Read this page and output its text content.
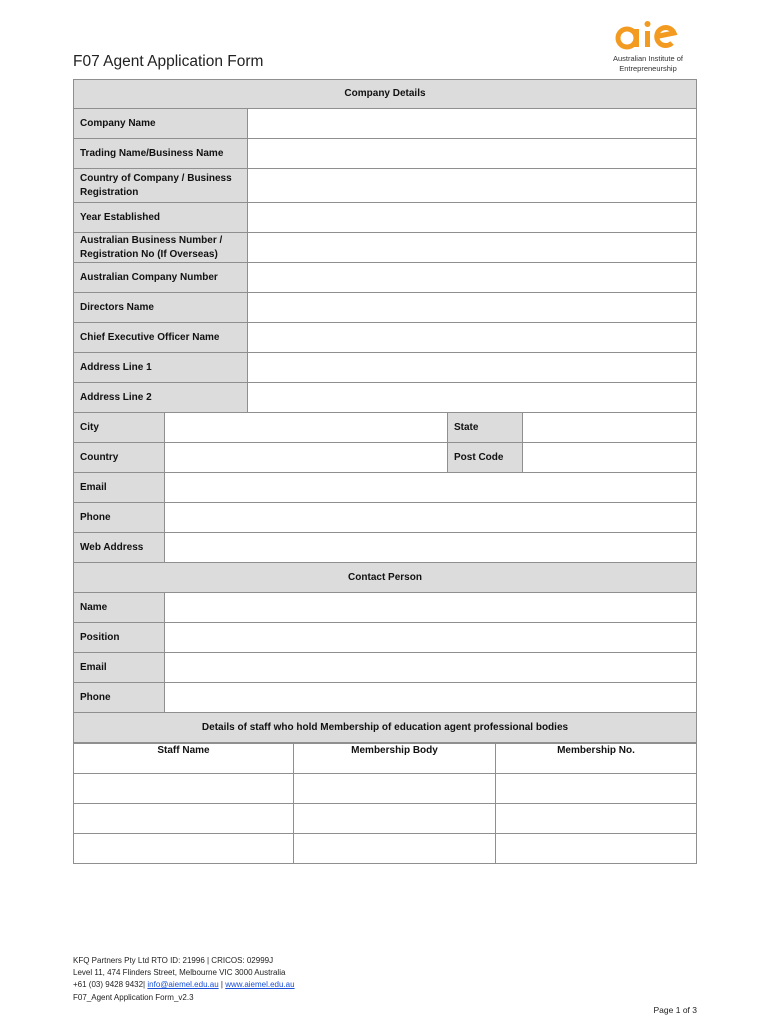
F07 Agent Application Form	Australian Institute of
Entrepreneurship
Company Details				
Company Name				
Trading Name/Business Name				
Country of Company / Business Registration				
Year Established				
Australian Business Number / Registration No (If Overseas)				
Australian Company Number				
Directors Name				
Chief Executive Officer Name				
Address Line 1				
Address Line 2				
City			State	
Country			Post Code	
Email				
Phone				
Web Address				
Contact Person				
Name				
Position				
Email				
Phone				
Details of staff who hold Membership of education agent professional bodies				
Staff Name	Membership Body	Membership No.

KFQ Partners Pty Ltd RTO ID: 21996 | CRICOS: 02999J
Level 11, 474 Flinders Street, Melbourne VIC 3000 Australia
+61 (03) 9428 9432| info@aiemel.edu.au | www.aiemel.edu.au
F07_Agent Application Form_v2.3
Page 1 of 3
